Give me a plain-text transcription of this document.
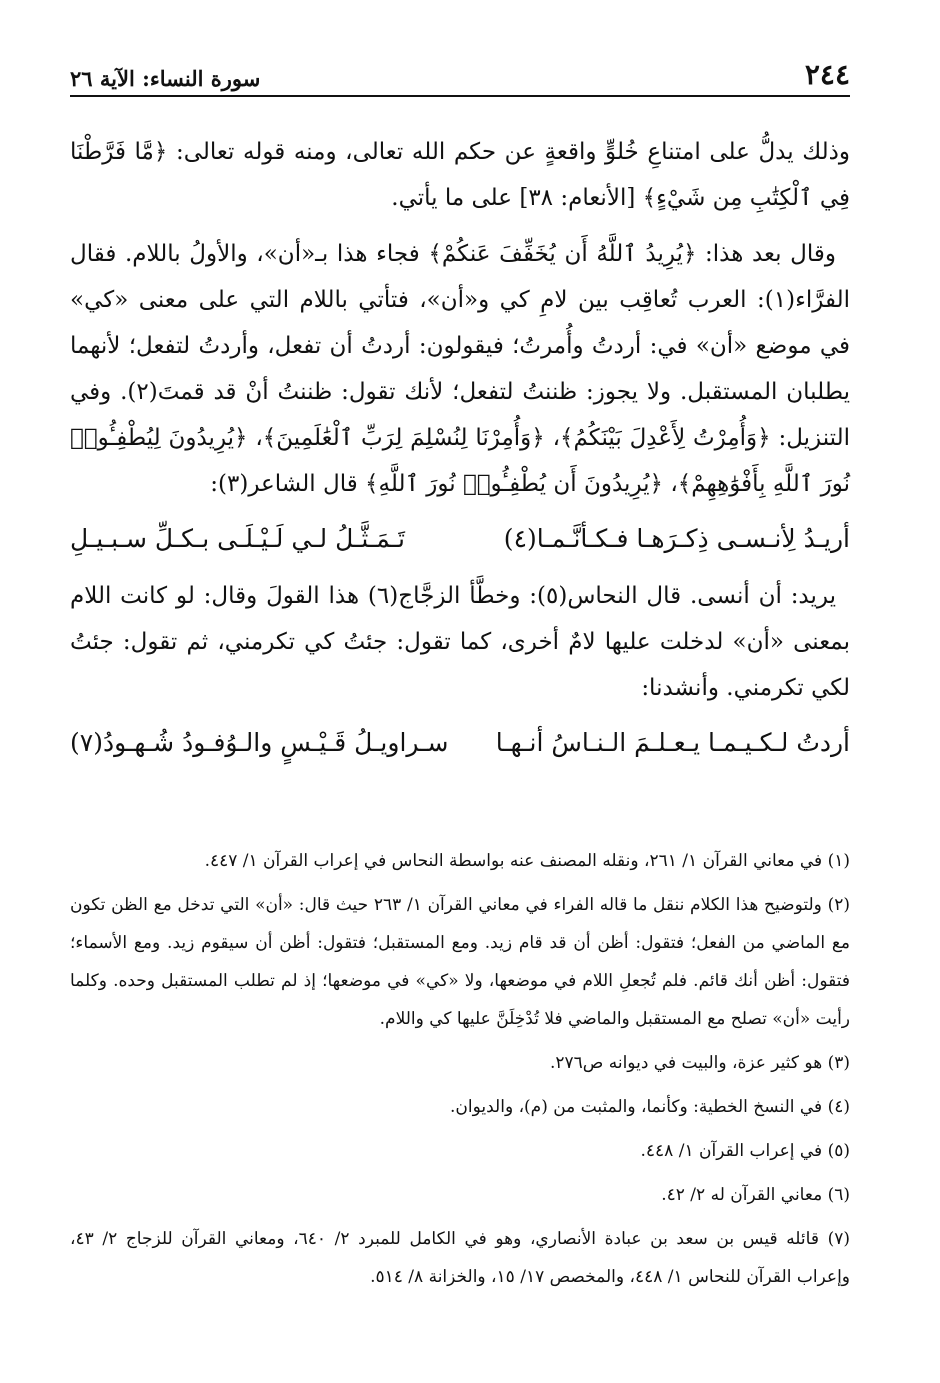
٢٤٤
سورة النساء: الآية ٢٦

وذلك يدلُّ على امتناعِ خُلوٍّ واقعةٍ عن حكم الله تعالى، ومنه قوله تعالى: ﴿مَّا فَرَّطْنَا فِي ٱلْكِتَٰبِ مِن شَيْءٍ﴾ [الأنعام: ٣٨] على ما يأتي.

وقال بعد هذا: ﴿يُرِيدُ ٱللَّهُ أَن يُخَفِّفَ عَنكُمْ﴾ فجاء هذا بـ«أن»، والأولُ باللام. فقال الفرَّاء(١): العرب تُعاقِب بين لامِ كي و«أن»، فتأتي باللام التي على معنى «كي» في موضع «أن» في: أردتُ وأُمرتُ؛ فيقولون: أردتُ أن تفعل، وأردتُ لتفعل؛ لأنهما يطلبان المستقبل. ولا يجوز: ظننتُ لتفعل؛ لأنك تقول: ظننتُ أنْ قد قمتَ(٢). وفي التنزيل: ﴿وَأُمِرْتُ لِأَعْدِلَ بَيْنَكُمُ﴾، ﴿وَأُمِرْنَا لِنُسْلِمَ لِرَبِّ ٱلْعَٰلَمِينَ﴾، ﴿يُرِيدُونَ لِيُطْفِـُٔوا۟ نُورَ ٱللَّهِ بِأَفْوَٰهِهِمْ﴾، ﴿يُرِيدُونَ أَن يُطْفِـُٔوا۟ نُورَ ٱللَّهِ﴾ قال الشاعر(٣):

أريـدُ لِأنـسـى ذِكـرَهـا فـكـأنَّـمـا(٤)
تَـمَـثَّـلُ لـي لَـيْـلَـى بـكـلِّ سـبـيـلِ

يريد: أن أنسى. قال النحاس(٥): وخطَّأ الزجَّاج(٦) هذا القولَ وقال: لو كانت اللام بمعنى «أن» لدخلت عليها لامٌ أخرى، كما تقول: جئتُ كي تكرمني، ثم تقول: جئتُ لكي تكرمني. وأنشدنا:

أردتُ لـكـيـمـا يـعـلـمَ الـنـاسُ أنـهـا
سـراويـلُ قَـيْـسٍ والـوُفـودُ شُـهـودُ(٧)

(١) في معاني القرآن ١/ ٢٦١، ونقله المصنف عنه بواسطة النحاس في إعراب القرآن ١/ ٤٤٧.

(٢) ولتوضيح هذا الكلام ننقل ما قاله الفراء في معاني القرآن ١/ ٢٦٣ حيث قال: «أن» التي تدخل مع الظن تكون مع الماضي من الفعل؛ فتقول: أظن أن قد قام زيد. ومع المستقبل؛ فتقول: أظن أن سيقوم زيد. ومع الأسماء؛ فتقول: أظن أنك قائم. فلم تُجعلِ اللام في موضعها، ولا «كي» في موضعها؛ إذ لم تطلب المستقبل وحده. وكلما رأيت «أن» تصلح مع المستقبل والماضي فلا تُدْخِلَنَّ عليها كي واللام.

(٣) هو كثير عزة، والبيت في ديوانه ص٢٧٦.

(٤) في النسخ الخطية: وكأنما، والمثبت من (م)، والديوان.

(٥) في إعراب القرآن ١/ ٤٤٨.

(٦) معاني القرآن له ٢/ ٤٢.

(٧) قائله قيس بن سعد بن عبادة الأنصاري، وهو في الكامل للمبرد ٢/ ٦٤٠، ومعاني القرآن للزجاج ٢/ ٤٣، وإعراب القرآن للنحاس ١/ ٤٤٨، والمخصص ١٧/ ١٥، والخزانة ٨/ ٥١٤.
